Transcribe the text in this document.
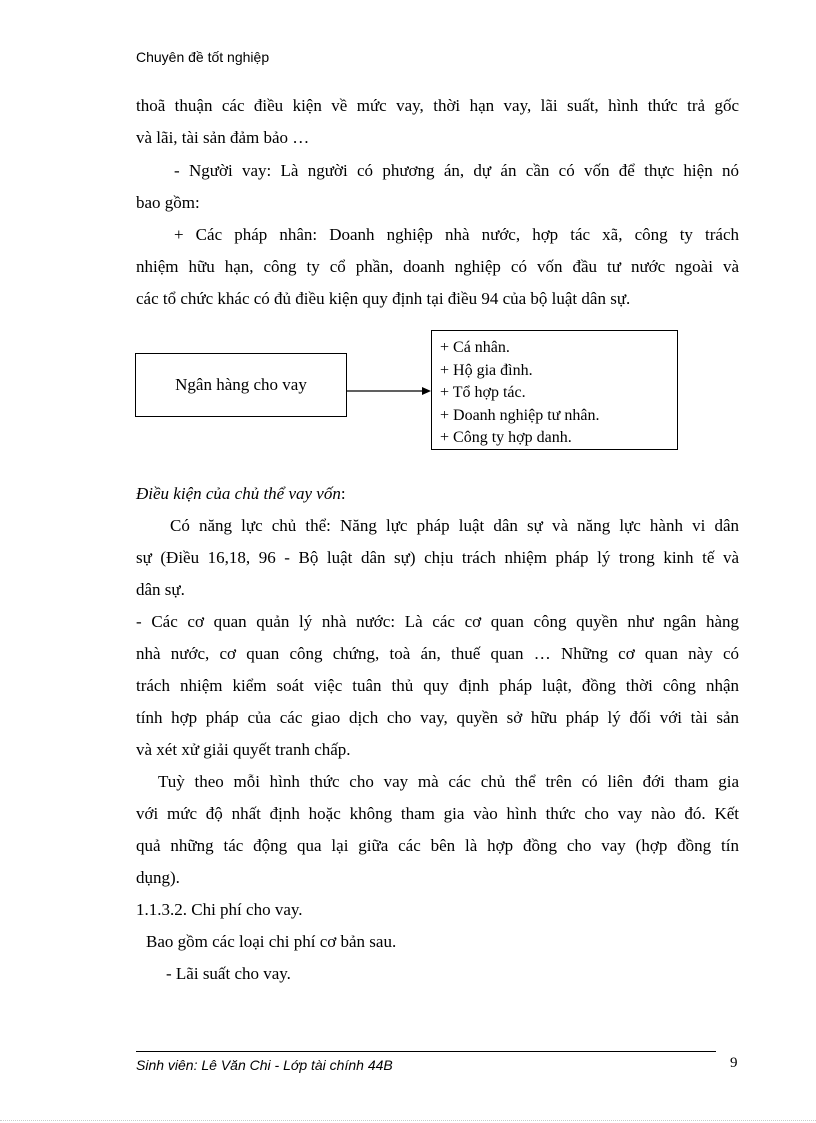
Chuyên đề tốt nghiệp
thoã thuận các điều kiện về mức vay, thời hạn vay, lãi suất, hình thức trả gốc
và lãi, tài sản đảm bảo …
- Người vay: Là người có phương án, dự án cần có vốn để thực hiện nó
bao gồm:
+ Các pháp nhân: Doanh nghiệp nhà nước, hợp tác xã, công ty trách
nhiệm hữu hạn, công ty cổ phần, doanh nghiệp có vốn đầu tư nước ngoài và
các tổ chức khác có đủ điều kiện quy định tại điều 94 của bộ luật dân sự.
Ngân hàng cho vay
+ Cá nhân.
+ Hộ gia đình.
+ Tổ hợp tác.
+ Doanh nghiệp tư nhân.
+ Công ty hợp danh.
Điều kiện của chủ thể vay vốn:
Có năng lực chủ thể: Năng lực pháp luật dân sự và năng lực hành vi dân
sự (Điều 16,18, 96 - Bộ luật dân sự) chịu trách nhiệm pháp lý trong kinh tế và
dân sự.
- Các cơ quan quản lý nhà nước: Là các cơ quan công quyền như ngân hàng
nhà nước, cơ quan công chứng, toà án, thuế quan … Những cơ quan này có
trách nhiệm kiểm soát việc tuân thủ quy định pháp luật, đồng thời công nhận
tính hợp pháp của các giao dịch cho vay, quyền sở hữu pháp lý đối với tài sản
và xét xử giải quyết tranh chấp.
Tuỳ theo mỗi hình thức cho vay mà các chủ thể trên có liên đới tham gia
với mức độ nhất định hoặc không tham gia vào hình thức cho vay nào đó. Kết
quả những tác động qua lại giữa các bên là hợp đồng cho vay (hợp đồng tín
dụng).
1.1.3.2. Chi phí cho vay.
Bao gồm các loại chi phí cơ bản sau.
- Lãi suất cho vay.
Sinh viên: Lê Văn Chi - Lớp tài chính 44B	9
